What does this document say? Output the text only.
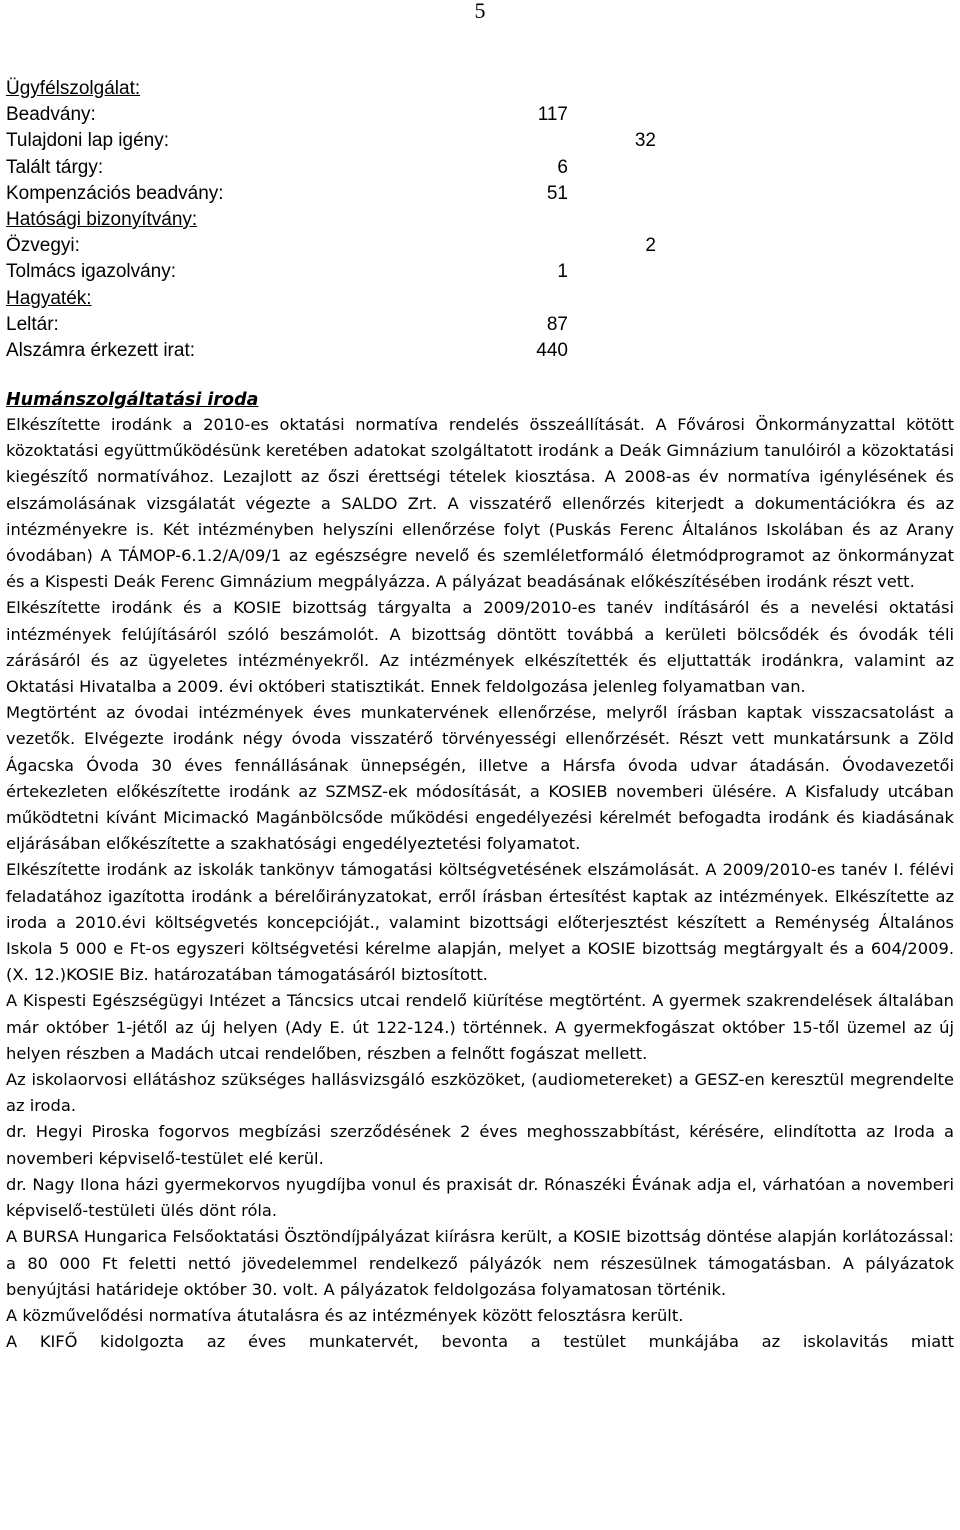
5
Ügyfélszolgálat:
Beadvány:	117
Tulajdoni lap igény:	32
Talált tárgy:	6
Kompenzációs beadvány:	51
Hatósági bizonyítvány:
Özvegyi:	2
Tolmács igazolvány:	1
Hagyaték:
Leltár:	87
Alszámra érkezett irat:	440
Humánszolgáltatási iroda

Elkészítette irodánk a 2010-es oktatási normatíva rendelés összeállítását. A Fővárosi Önkormányzattal kötött közoktatási együttműködésünk keretében adatokat szolgáltatott irodánk a Deák Gimnázium tanulóiról a közoktatási kiegészítő normatívához. Lezajlott az őszi érettségi tételek kiosztása. A 2008-as év normatíva igénylésének és elszámolásának vizsgálatát végezte a SALDO Zrt. A visszatérő ellenőrzés kiterjedt a dokumentációkra és az intézményekre is. Két intézményben helyszíni ellenőrzése folyt (Puskás Ferenc Általános Iskolában és az Arany óvodában) A TÁMOP-6.1.2/A/09/1 az egészségre nevelő és szemléletformáló életmódprogramot az önkormányzat és a Kispesti Deák Ferenc Gimnázium megpályázza. A pályázat beadásának előkészítésében irodánk részt vett.

Elkészítette irodánk és a KOSIE bizottság tárgyalta a 2009/2010-es tanév indításáról és a nevelési oktatási intézmények felújításáról szóló beszámolót. A bizottság döntött továbbá a kerületi bölcsődék és óvodák téli zárásáról és az ügyeletes intézményekről. Az intézmények elkészítették és eljuttatták irodánkra, valamint az Oktatási Hivatalba a 2009. évi októberi statisztikát. Ennek feldolgozása jelenleg folyamatban van.

Megtörtént az óvodai intézmények éves munkatervének ellenőrzése, melyről írásban kaptak visszacsatolást a vezetők. Elvégezte irodánk négy óvoda visszatérő törvényességi ellenőrzését. Részt vett munkatársunk a Zöld Ágacska Óvoda 30 éves fennállásának ünnepségén, illetve a Hársfa óvoda udvar átadásán. Óvodavezetői értekezleten előkészítette irodánk az SZMSZ-ek módosítását, a KOSIEB novemberi ülésére. A Kisfaludy utcában működtetni kívánt Micimackó Magánbölcsőde működési engedélyezési kérelmét befogadta irodánk és kiadásának eljárásában előkészítette a szakhatósági engedélyeztetési folyamatot.

Elkészítette irodánk az iskolák tankönyv támogatási költségvetésének elszámolását. A 2009/2010-es tanév I. félévi feladatához igazította irodánk a bérelőirányzatokat, erről írásban értesítést kaptak az intézmények. Elkészítette az iroda a 2010.évi költségvetés koncepcióját., valamint bizottsági előterjesztést készített a Reménység Általános Iskola 5 000 e Ft-os egyszeri költségvetési kérelme alapján, melyet a KOSIE bizottság megtárgyalt és a 604/2009.(X. 12.)KOSIE Biz. határozatában támogatásáról biztosított.

A Kispesti Egészségügyi Intézet a Táncsics utcai rendelő kiürítése megtörtént. A gyermek szakrendelések általában már október 1-jétől az új helyen (Ady E. út 122-124.) történnek. A gyermekfogászat október 15-től üzemel az új helyen részben a Madách utcai rendelőben, részben a felnőtt fogászat mellett.

Az iskolaorvosi ellátáshoz szükséges hallásvizsgáló eszközöket, (audiometereket) a GESZ-en keresztül megrendelte az iroda.

dr. Hegyi Piroska fogorvos megbízási szerződésének 2 éves meghosszabbítást, kérésére, elindította az Iroda a novemberi képviselő-testület elé kerül.

dr. Nagy Ilona házi gyermekorvos nyugdíjba vonul és praxisát dr. Rónaszéki Évának adja el, várhatóan a novemberi képviselő-testületi ülés dönt róla.

A BURSA Hungarica Felsőoktatási Ösztöndíjpályázat kiírásra került, a KOSIE bizottság döntése alapján korlátozással: a 80 000 Ft feletti nettó jövedelemmel rendelkező pályázók nem részesülnek támogatásban. A pályázatok benyújtási határideje október 30. volt. A pályázatok feldolgozása folyamatosan történik.

A közművelődési normatíva átutalásra és az intézmények között felosztásra került.

A KIFŐ kidolgozta az éves munkatervét, bevonta a testület munkájába az iskolavitás miatt
